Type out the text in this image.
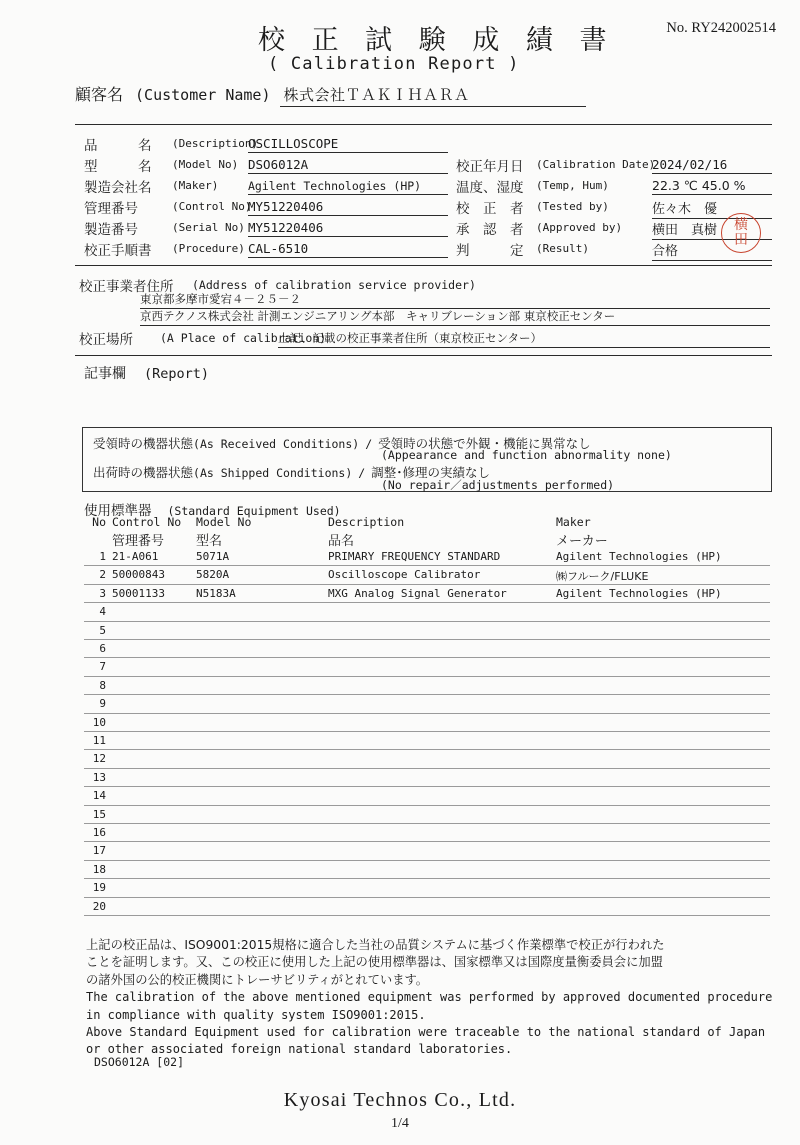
校 正 試 験 成 績 書
( Calibration Report )
No. RY242002514
顧客名 (Customer Name) 株式会社ＴＡＫＩＨＡＲＡ
品　　　名 (Description)
OSCILLOSCOPE
型　　　名 (Model No) DSO6012A
製造会社名 (Maker)	Agilent Technologies (HP)
管理番号	(Control No)
MY51220406
製造番号	(Serial No) MY51220406
校正手順書 (Procedure) CAL-6510
校正年月日 (Calibration Date)
2024/02/16
温度、湿度 (Temp, Hum)	22.3 ℃ 45.0 %
校　正　者 (Tested by)	佐々木　優
承　認　者 (Approved by) 横田　真樹	横
田
判　　　定 (Result)	合格
校正事業者住所 (Address of calibration service provider)
東京都多摩市愛宕４－２５－２
京西テクノス株式会社 計測エンジニアリング本部　キャリブレーション部 東京校正センター
校正場所 (A Place of calibration)
上記、記載の校正事業者住所（東京校正センター）
記事欄 (Report)
受領時の機器状態(As Received Conditions) / 受領時の状態で外観・機能に異常なし
(Appearance and function abnormality none)
出荷時の機器状態(As Shipped Conditions) / 調整･修理の実績なし
(No repair／adjustments performed)
使用標準器 (Standard Equipment Used)
No Control No Model No	Description	Maker
管理番号 型名	品名	メーカー
1 21-A061	5071A	PRIMARY FREQUENCY STANDARD	Agilent Technologies (HP)
2 50000843	5820A	Oscilloscope Calibrator	㈱フルーク/FLUKE
3 50001133	N5183A	MXG Analog Signal Generator	Agilent Technologies (HP)
4
5
6
7
8
9
10
11
12
13
14
15
16
17
18
19
20
上記の校正品は、ISO9001:2015規格に適合した当社の品質システムに基づく作業標準で校正が行われた
ことを証明します。又、この校正に使用した上記の使用標準器は、国家標準又は国際度量衡委員会に加盟
の諸外国の公的校正機関にトレーサビリティがとれています。
The calibration of the above mentioned equipment was performed by approved documented procedure
in compliance with quality system ISO9001:2015.
Above Standard Equipment used for calibration were traceable to the national standard of Japan
or other associated foreign national standard laboratories.
DSO6012A [02]
Kyosai Technos Co., Ltd.
1/4
